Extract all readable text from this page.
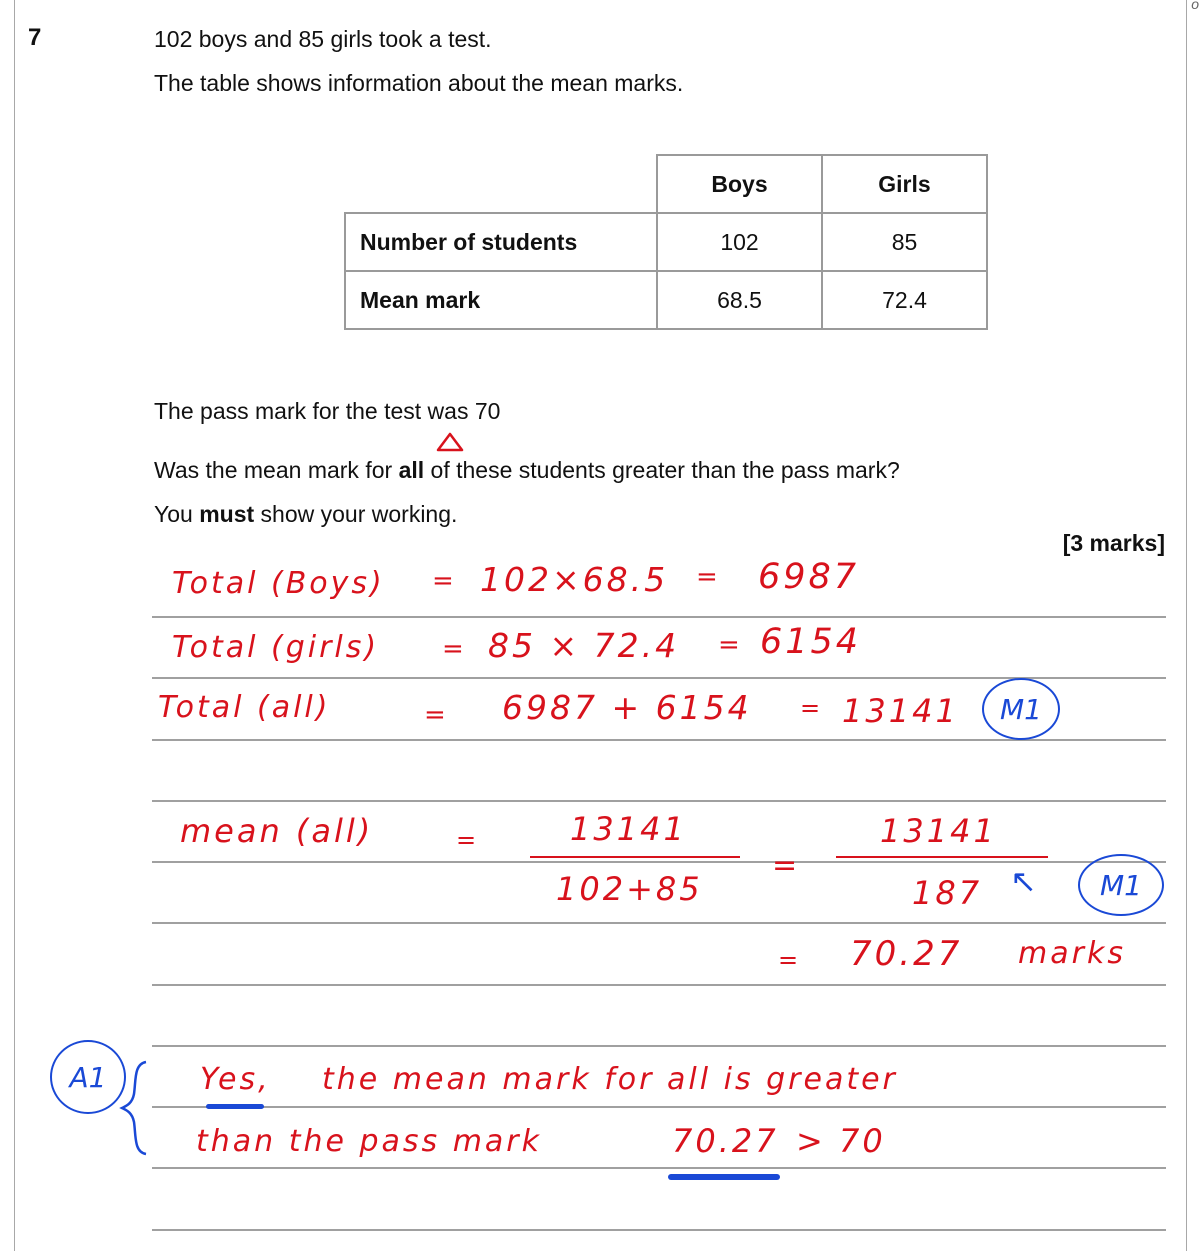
o
7	102 boys and 85 girls took a test.
The table shows information about the mean marks.
	Boys	Girls
Number of students	102	85
Mean mark	68.5	72.4
The pass mark for the test was 70
Was the mean mark for all of these students greater than the pass mark?
You must show your working.
[3 marks]
Total (Boys) = 102×68.5 = 6987
Total (girls) = 85 × 72.4 = 6154
Total (all)	= 6987 + 6154 = 13141 M1
mean (all)	=	13141
102+85
=
13141
187 ↖ M1
= 70.27 marks
A1	Yes, the mean mark for all is greater
than the pass mark	70.27 > 70
